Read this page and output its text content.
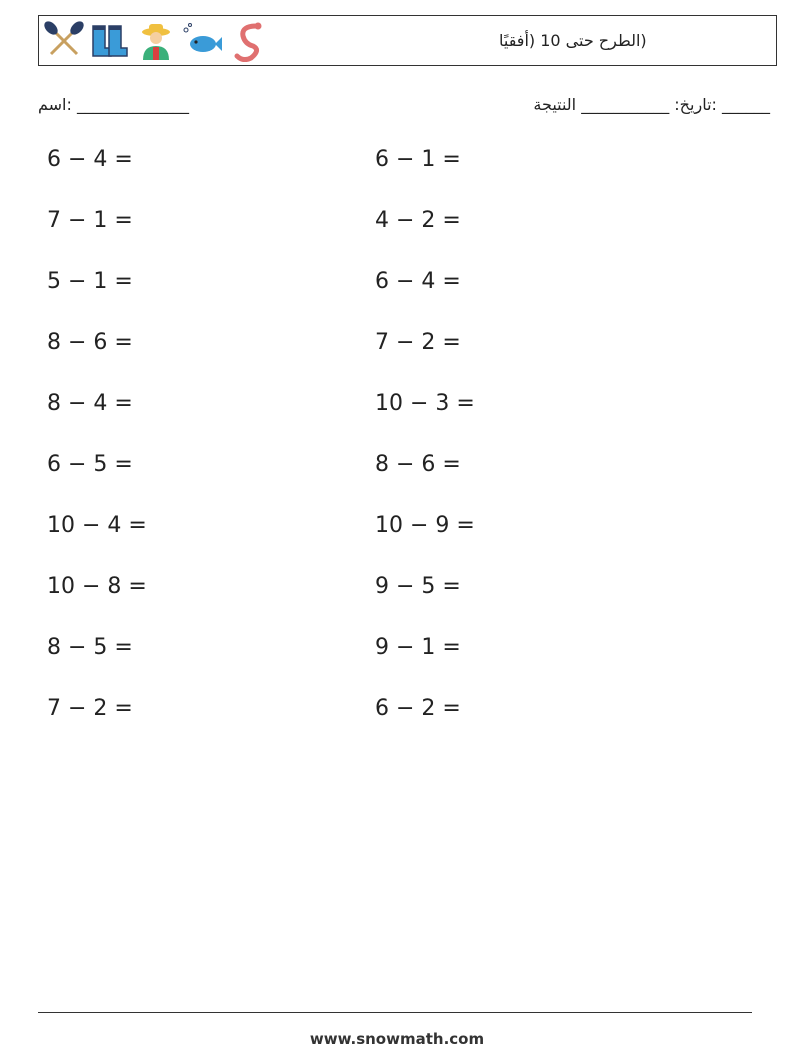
(الطرح حتى 10 (أفقيًا
______________ :اسم	______ :تاريخ: ___________ النتيجة
6 − 4 =
7 − 1 =
5 − 1 =
8 − 6 =
8 − 4 =
6 − 5 =
10 − 4 =
10 − 8 =
8 − 5 =
7 − 2 =
6 − 1 =
4 − 2 =
6 − 4 =
7 − 2 =
10 − 3 =
8 − 6 =
10 − 9 =
9 − 5 =
9 − 1 =
6 − 2 =
www.snowmath.com
